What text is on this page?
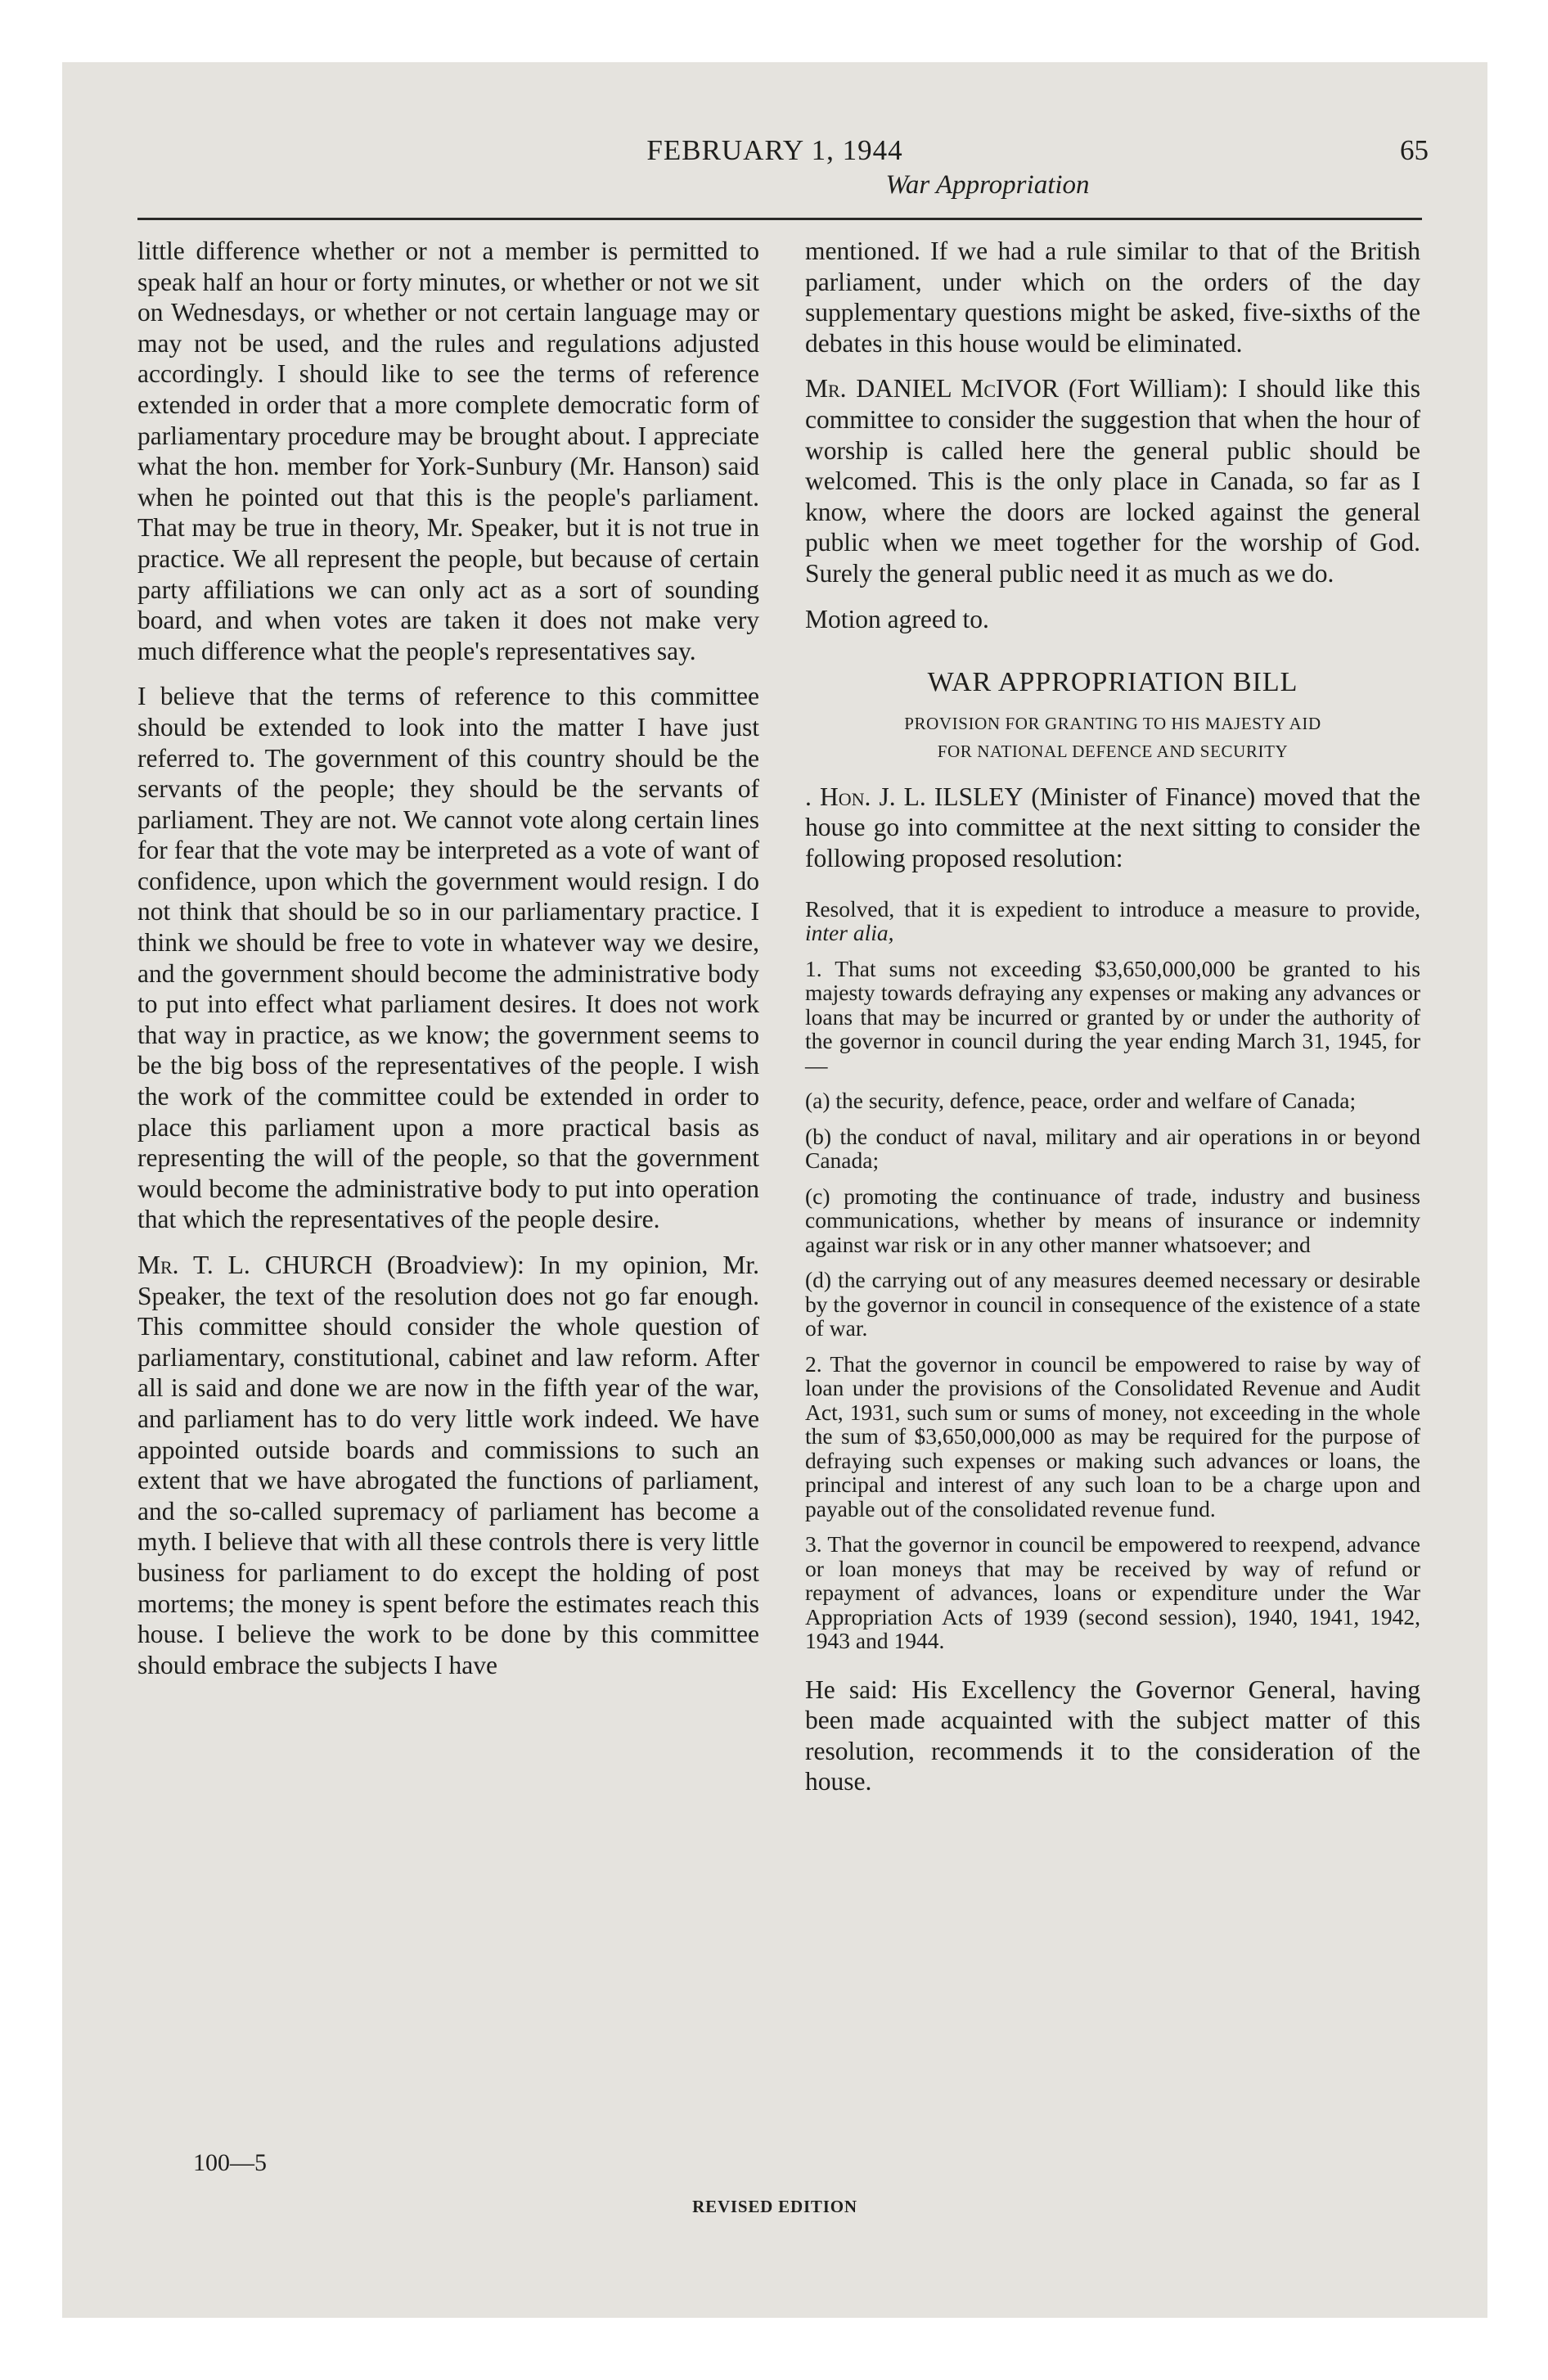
FEBRUARY 1, 1944
War Appropriation
65

little difference whether or not a member is permitted to speak half an hour or forty minutes, or whether or not we sit on Wednesdays, or whether or not certain language may or may not be used, and the rules and regulations adjusted accordingly. I should like to see the terms of reference extended in order that a more complete democratic form of parliamentary procedure may be brought about. I appreciate what the hon. member for York-Sunbury (Mr. Hanson) said when he pointed out that this is the people's parliament. That may be true in theory, Mr. Speaker, but it is not true in practice. We all represent the people, but because of certain party affiliations we can only act as a sort of sounding board, and when votes are taken it does not make very much difference what the people's representatives say.

I believe that the terms of reference to this committee should be extended to look into the matter I have just referred to. The government of this country should be the servants of the people; they should be the servants of parliament. They are not. We cannot vote along certain lines for fear that the vote may be interpreted as a vote of want of confidence, upon which the government would resign. I do not think that should be so in our parliamentary practice. I think we should be free to vote in whatever way we desire, and the government should become the administrative body to put into effect what parliament desires. It does not work that way in practice, as we know; the government seems to be the big boss of the representatives of the people. I wish the work of the committee could be extended in order to place this parliament upon a more practical basis as representing the will of the people, so that the government would become the administrative body to put into operation that which the representatives of the people desire.

Mr. T. L. CHURCH (Broadview): In my opinion, Mr. Speaker, the text of the resolution does not go far enough. This committee should consider the whole question of parliamentary, constitutional, cabinet and law reform. After all is said and done we are now in the fifth year of the war, and parliament has to do very little work indeed. We have appointed outside boards and commissions to such an extent that we have abrogated the functions of parliament, and the so-called supremacy of parliament has become a myth. I believe that with all these controls there is very little business for parliament to do except the holding of post mortems; the money is spent before the estimates reach this house. I believe the work to be done by this committee should embrace the subjects I have

mentioned. If we had a rule similar to that of the British parliament, under which on the orders of the day supplementary questions might be asked, five-sixths of the debates in this house would be eliminated.

Mr. DANIEL McIVOR (Fort William): I should like this committee to consider the suggestion that when the hour of worship is called here the general public should be welcomed. This is the only place in Canada, so far as I know, where the doors are locked against the general public when we meet together for the worship of God. Surely the general public need it as much as we do.

Motion agreed to.

WAR APPROPRIATION BILL
PROVISION FOR GRANTING TO HIS MAJESTY AID
FOR NATIONAL DEFENCE AND SECURITY

. Hon. J. L. ILSLEY (Minister of Finance) moved that the house go into committee at the next sitting to consider the following proposed resolution:

Resolved, that it is expedient to introduce a measure to provide, inter alia,

1. That sums not exceeding $3,650,000,000 be granted to his majesty towards defraying any expenses or making any advances or loans that may be incurred or granted by or under the authority of the governor in council during the year ending March 31, 1945, for—

(a) the security, defence, peace, order and welfare of Canada;

(b) the conduct of naval, military and air operations in or beyond Canada;

(c) promoting the continuance of trade, industry and business communications, whether by means of insurance or indemnity against war risk or in any other manner whatsoever; and

(d) the carrying out of any measures deemed necessary or desirable by the governor in council in consequence of the existence of a state of war.

2. That the governor in council be empowered to raise by way of loan under the provisions of the Consolidated Revenue and Audit Act, 1931, such sum or sums of money, not exceeding in the whole the sum of $3,650,000,000 as may be required for the purpose of defraying such expenses or making such advances or loans, the principal and interest of any such loan to be a charge upon and payable out of the consolidated revenue fund.

3. That the governor in council be empowered to reexpend, advance or loan moneys that may be received by way of refund or repayment of advances, loans or expenditure under the War Appropriation Acts of 1939 (second session), 1940, 1941, 1942, 1943 and 1944.

He said: His Excellency the Governor General, having been made acquainted with the subject matter of this resolution, recommends it to the consideration of the house.

100—5
REVISED EDITION
